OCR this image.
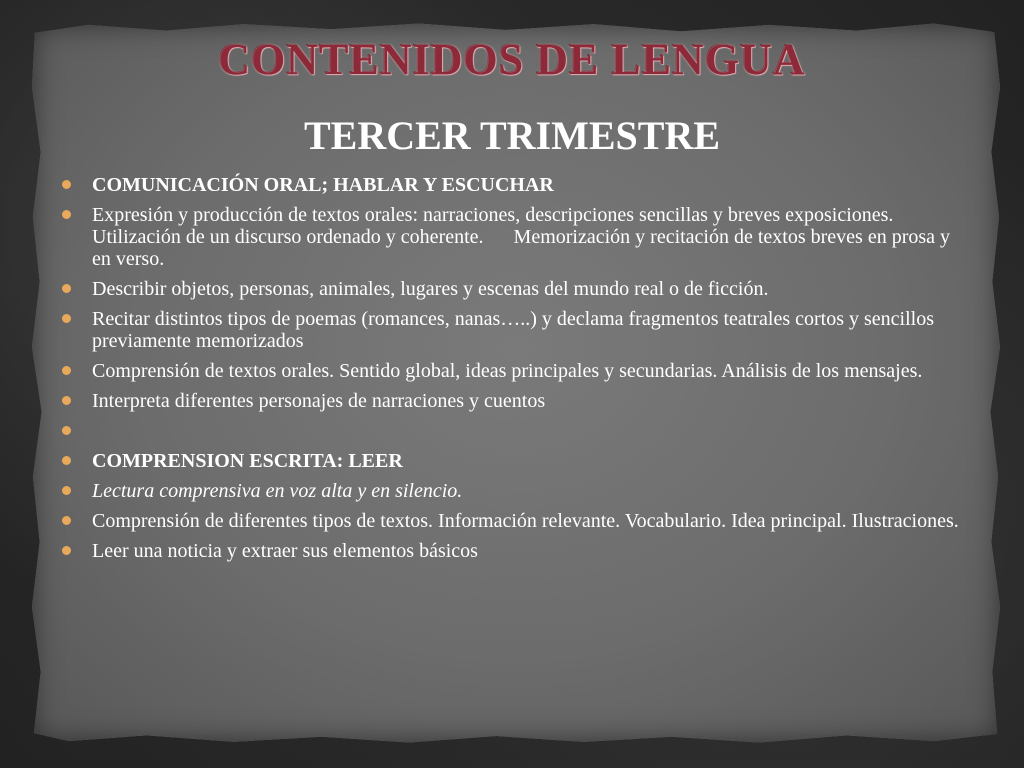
CONTENIDOS DE LENGUA
TERCER TRIMESTRE
COMUNICACIÓN ORAL; HABLAR Y ESCUCHAR
Expresión y producción de textos orales: narraciones, descripciones sencillas y breves exposiciones.      Utilización de un discurso ordenado y coherente.      Memorización y recitación de textos breves en prosa y en verso.
Describir objetos, personas, animales, lugares y escenas del mundo real o de ficción.
Recitar distintos tipos de poemas (romances, nanas…..) y declama fragmentos teatrales cortos y sencillos previamente memorizados
Comprensión de textos orales. Sentido global, ideas principales y secundarias. Análisis de los mensajes.
Interpreta diferentes personajes de narraciones y cuentos
COMPRENSION ESCRITA: LEER
Lectura comprensiva en voz alta y en silencio.
Comprensión de diferentes tipos de textos. Información relevante. Vocabulario. Idea principal. Ilustraciones.
Leer una noticia y extraer sus elementos básicos
